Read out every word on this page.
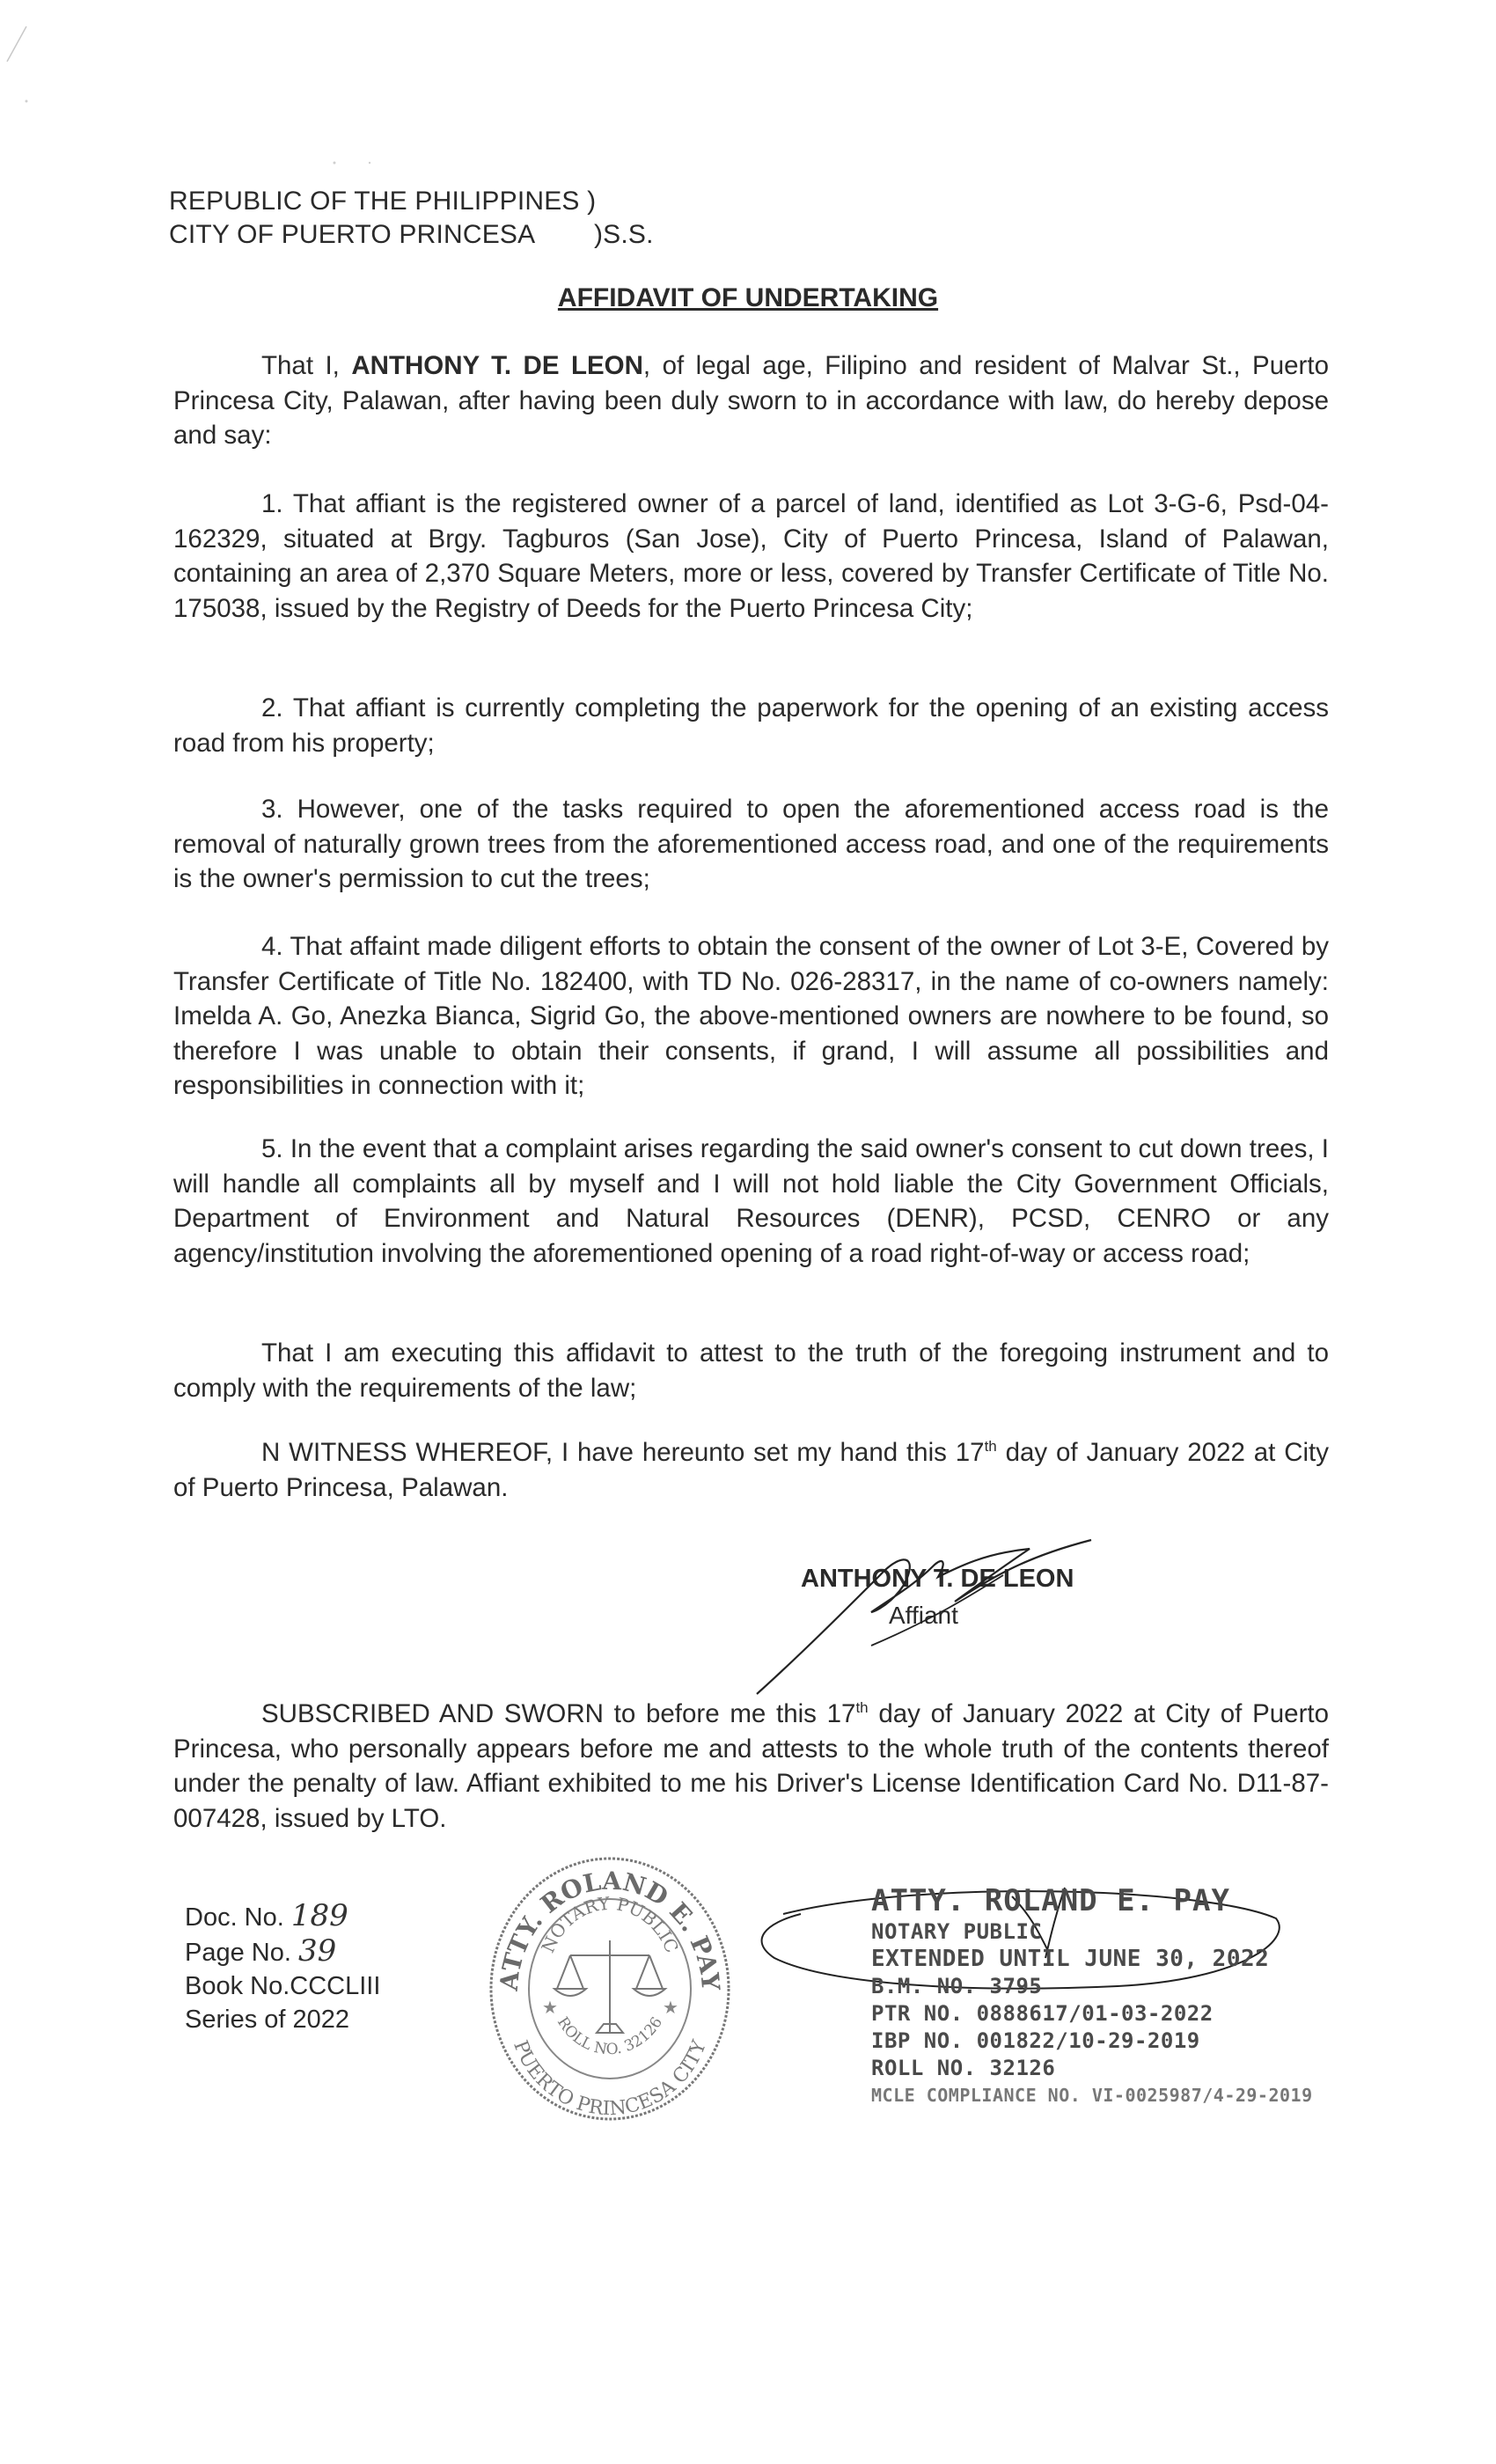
REPUBLIC OF THE PHILIPPINES )
CITY OF PUERTO PRINCESA        )S.S.
AFFIDAVIT OF UNDERTAKING
That I, ANTHONY T. DE LEON, of legal age, Filipino and resident of Malvar St., Puerto Princesa City, Palawan, after having been duly sworn to in accordance with law, do hereby depose and say:
1. That affiant is the registered owner of a parcel of land, identified as Lot 3-G-6, Psd-04-162329, situated at Brgy. Tagburos (San Jose), City of Puerto Princesa, Island of Palawan, containing an area of 2,370 Square Meters, more or less, covered by Transfer Certificate of Title No. 175038, issued by the Registry of Deeds for the Puerto Princesa City;
2. That affiant is currently completing the paperwork for the opening of an existing access road from his property;
3. However, one of the tasks required to open the aforementioned access road is the removal of naturally grown trees from the aforementioned access road, and one of the requirements is the owner's permission to cut the trees;
4. That affaint made diligent efforts to obtain the consent of the owner of Lot 3-E, Covered by Transfer Certificate of Title No. 182400, with TD No. 026-28317, in the name of co-owners namely: Imelda A. Go, Anezka Bianca, Sigrid Go, the above-mentioned owners are nowhere to be found, so therefore I was unable to obtain their consents, if grand, I will assume all possibilities and responsibilities in connection with it;
5. In the event that a complaint arises regarding the said owner's consent to cut down trees, I will handle all complaints all by myself and I will not hold liable the City Government Officials, Department of Environment and Natural Resources (DENR), PCSD, CENRO or any agency/institution involving the aforementioned opening of a road right-of-way or access road;
That I am executing this affidavit to attest to the truth of the foregoing instrument and to comply with the requirements of the law;
N WITNESS WHEREOF, I have hereunto set my hand this 17th day of January 2022 at City of Puerto Princesa, Palawan.
ANTHONY T. DE LEON
Affiant
SUBSCRIBED AND SWORN to before me this 17th day of January 2022 at City of Puerto Princesa, who personally appears before me and attests to the whole truth of the contents thereof under the penalty of law. Affiant exhibited to me his Driver's License Identification Card No. D11-87-007428, issued by LTO.
Doc. No. 189
Page No. 39
Book No.CCCLIII
Series of 2022
ATTY. ROLAND E. PAY
NOTARY PUBLIC
PUERTO PRINCESA CITY
ROLL NO. 32126
★	★
ATTY. ROLAND E. PAY
NOTARY PUBLIC
EXTENDED UNTIL JUNE 30, 2022
B.M. NO. 3795
PTR NO. 0888617/01-03-2022
IBP NO. 001822/10-29-2019
ROLL NO. 32126
MCLE COMPLIANCE NO. VI-0025987/4-29-2019
